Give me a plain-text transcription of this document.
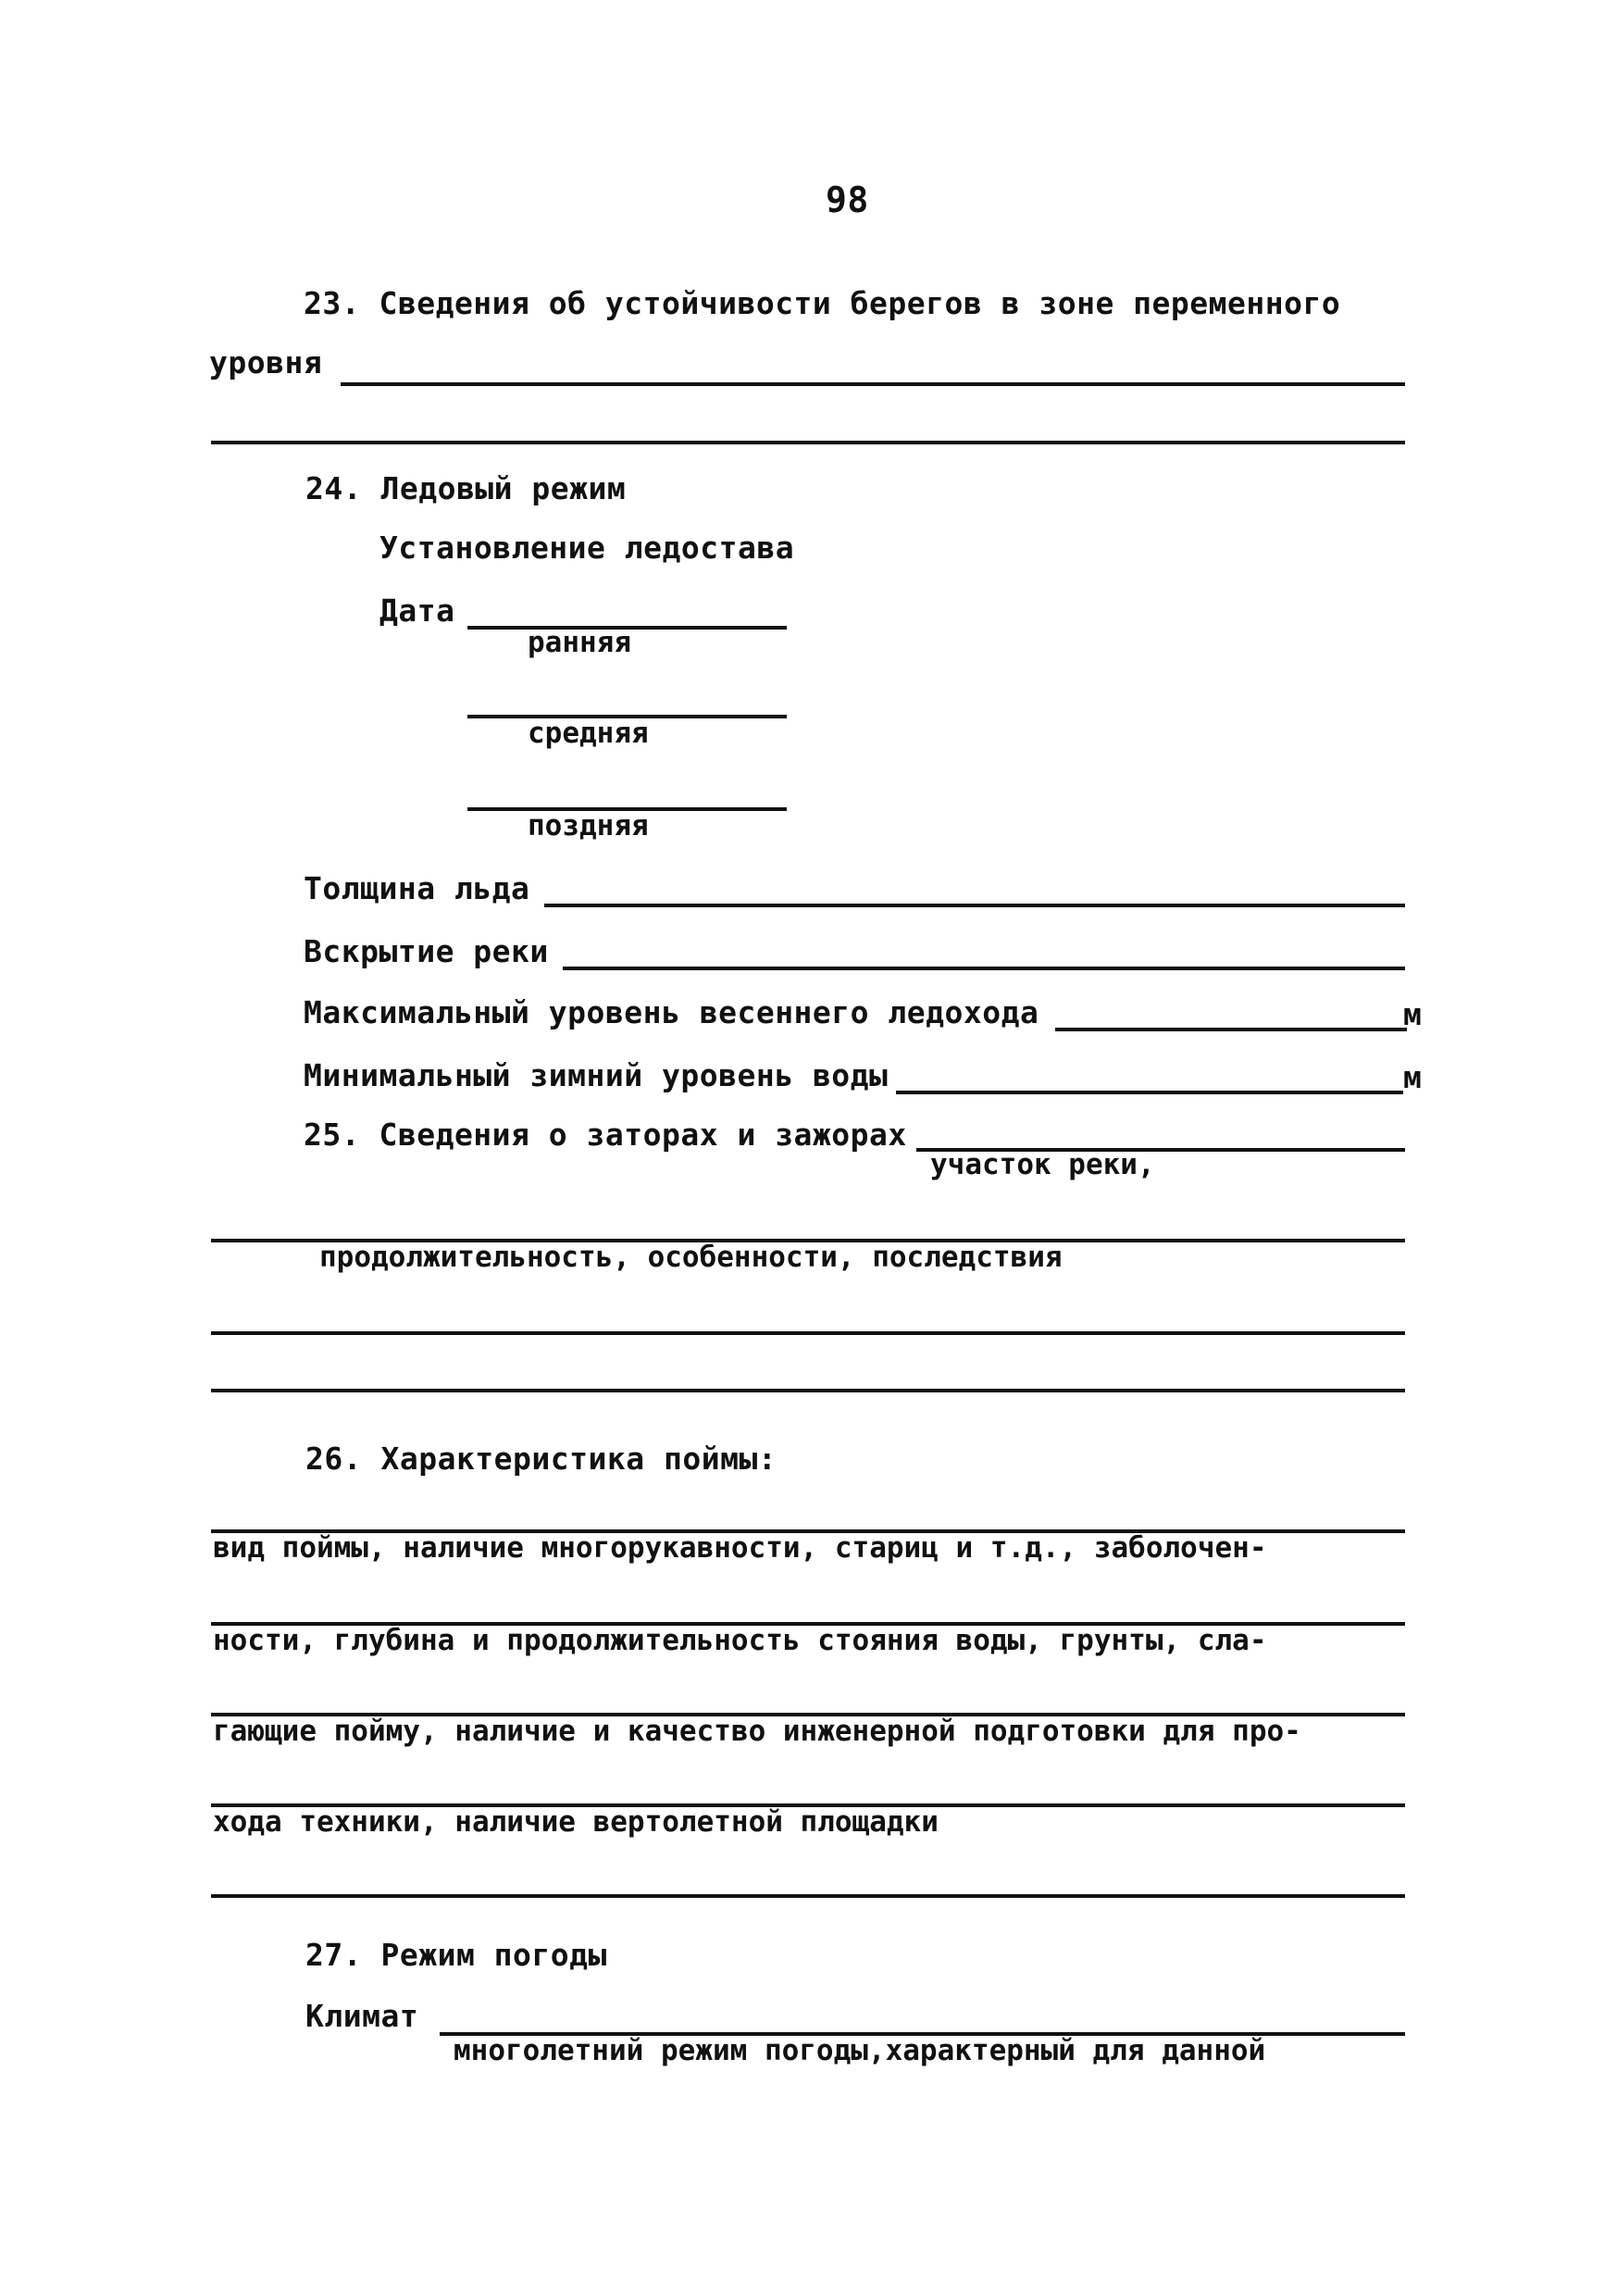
98
23. Сведения об устойчивости берегов в зоне переменного
уровня
24. Ледовый режим
Установление ледостава
Дата
ранняя
средняя
поздняя
Толщина льда
Вскрытие реки
Максимальный уровень весеннего ледохода	м
Минимальный зимний уровень воды	м
25. Сведения о заторах и зажорах
участок реки,
продолжительность, особенности, последствия
26. Характеристика поймы:
вид поймы, наличие многорукавности, стариц и т.д., заболочен-
ности, глубина и продолжительность стояния воды, грунты, сла-
гающие пойму, наличие и качество инженерной подготовки для про-
хода техники, наличие вертолетной площадки
27. Режим погоды
Климат
многолетний режим погоды,характерный для данной
